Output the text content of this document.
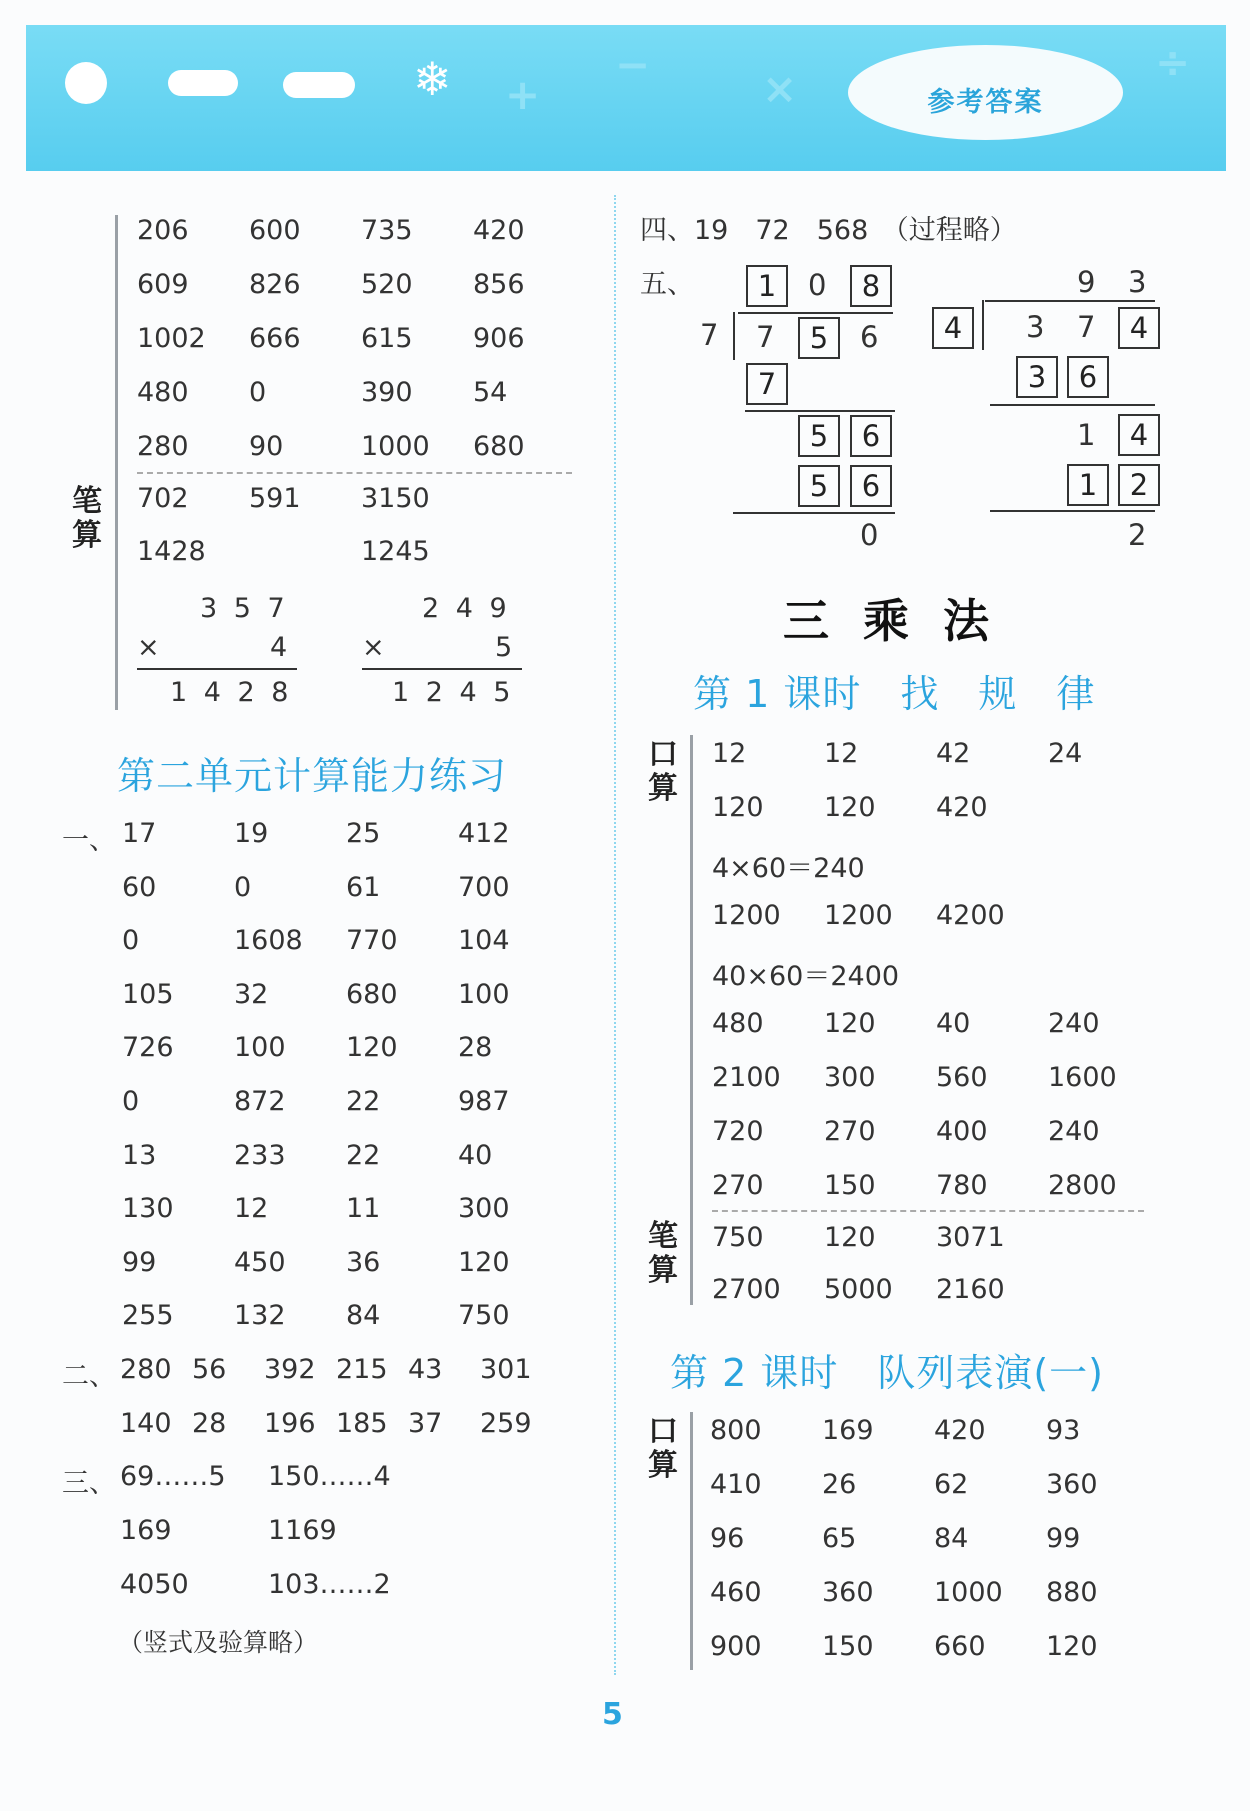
❄ +
−	×
÷
参考答案
笔算
206 600 735 420
609 826 520 856
1002 666 615 906
480 0	390 54
280 90	1000 680
702 591 3150
1428	1245
3 5 7
×	4
1 4 2 8
2 4 9
×	5
1 2 4 5
第二单元计算能力练习
一、 17	19	25	412
60	0	61	700
0	1608 770 104
105 32	680 100
726 100 120 28
0	872 22	987
13	233 22	40
130 12	11	300
99	450 36	120
255 132 84	750
二、 280 56 392 215 43 301
140 28 196 185 37 259
三、 69……5 150……4
169	1169
4050	103……2
（竖式及验算略）
四、19　72　568　（过程略）
五、	1	0	8
7 7	5	6
7
5	6
5	6
0
9 3
4	3 7	4
3	6
1	4
1	2
2
三乘法
第 1 课时　找　规　律
口算
12	12	42	24
120 120 420
4×60＝240
1200 1200 4200
40×60＝2400
480 120 40	240
2100 300 560 1600
720 270 400 240
270 150 780 2800
笔算
750 120 3071
2700 5000 2160
第 2 课时　队列表演(一)
口算
800 169 420 93
410 26	62	360
96	65	84	99
460 360 1000 880
900 150 660 120
5
